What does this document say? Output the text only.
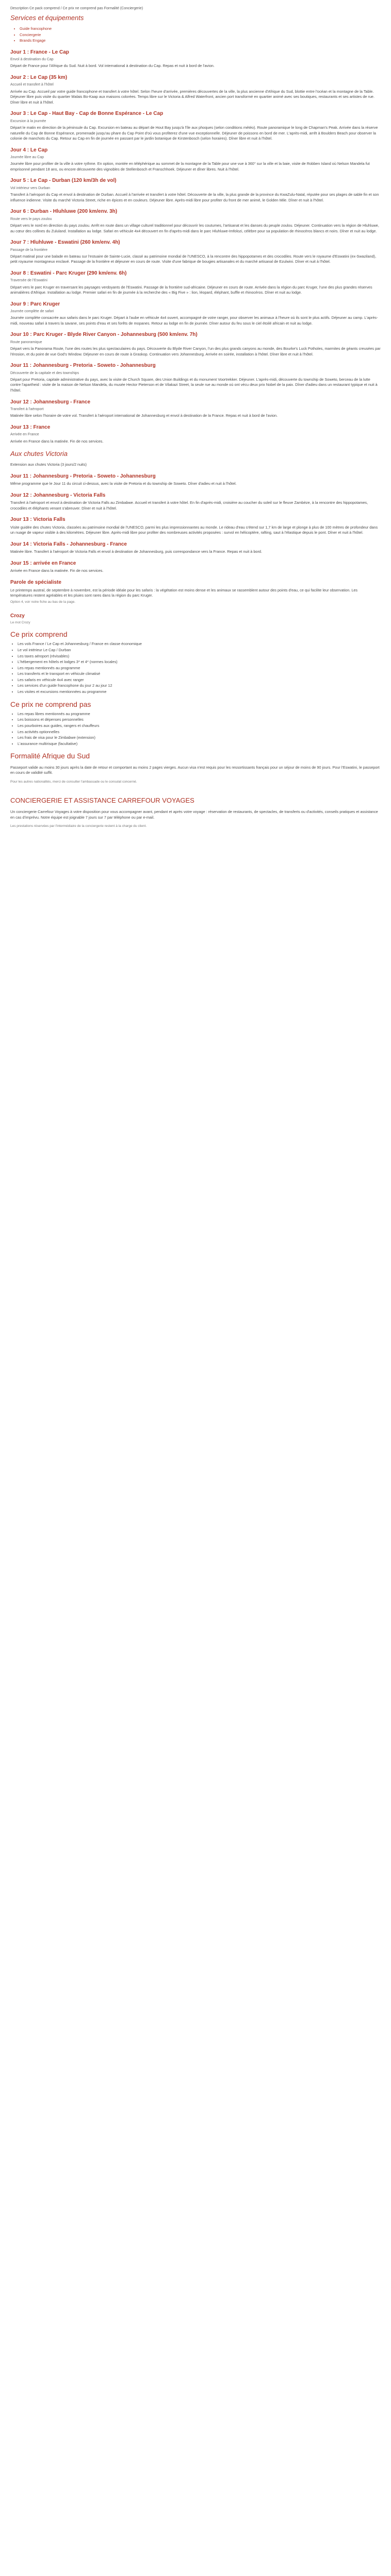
Description Ce pack comprend / Ce prix ne comprend pas Formalité (Conciergerie)
Services et équipements
• Guide francophone
• Conciergerie
• Brands Engage
Jour 1 : France - Le Cap

Envol à destination du Cap

Départ de France pour l'Afrique du Sud. Nuit à bord. Vol international à destination du Cap. Repas et nuit à bord de l'avion.

Jour 2 : Le Cap (35 km)

Accueil et transfert à l'hôtel

Arrivée au Cap. Accueil par votre guide francophone et transfert à votre hôtel. Selon l'heure d'arrivée, premières découvertes de la ville, la plus ancienne d'Afrique du Sud, blottie entre l'océan et la montagne de la Table. Déjeuner libre puis visite du quartier Malais Bo-Kaap aux maisons colorées. Temps libre sur le Victoria & Alfred Waterfront, ancien port transformé en quartier animé avec ses boutiques, restaurants et ses artistes de rue. Dîner libre et nuit à l'hôtel.

Jour 3 : Le Cap - Haut Bay - Cap de Bonne Espérance - Le Cap

Excursion à la journée

Départ le matin en direction de la péninsule du Cap. Excursion en bateau au départ de Hout Bay jusqu'à l'île aux phoques (selon conditions météo). Route panoramique le long de Chapman's Peak. Arrivée dans la réserve naturelle du Cap de Bonne Espérance, promenade jusqu'au phare du Cap Point d'où vous profiterez d'une vue exceptionnelle. Déjeuner de poissons en bord de mer. L'après-midi, arrêt à Boulders Beach pour observer la colonie de manchots du Cap. Retour au Cap en fin de journée en passant par le jardin botanique de Kirstenbosch (selon horaires). Dîner libre et nuit à l'hôtel.

Jour 4 : Le Cap

Journée libre au Cap

Journée libre pour profiter de la ville à votre rythme. En option, montée en téléphérique au sommet de la montagne de la Table pour une vue à 360° sur la ville et la baie, visite de Robben Island où Nelson Mandela fut emprisonné pendant 18 ans, ou encore découverte des vignobles de Stellenbosch et Franschhoek. Déjeuner et dîner libres. Nuit à l'hôtel.

Jour 5 : Le Cap - Durban (120 km/3h de vol)

Vol intérieur vers Durban

Transfert à l'aéroport du Cap et envol à destination de Durban. Accueil à l'arrivée et transfert à votre hôtel. Découverte de la ville, la plus grande de la province du KwaZulu-Natal, réputée pour ses plages de sable fin et son influence indienne. Visite du marché Victoria Street, riche en épices et en couleurs. Déjeuner libre. Après-midi libre pour profiter du front de mer animé, le Golden Mile. Dîner et nuit à l'hôtel.

Jour 6 : Durban - Hluhluwe (200 km/env. 3h)

Route vers le pays zoulou

Départ vers le nord en direction du pays zoulou. Arrêt en route dans un village culturel traditionnel pour découvrir les coutumes, l'artisanat et les danses du peuple zoulou. Déjeuner. Continuation vers la région de Hluhluwe, au cœur des collines du Zululand. Installation au lodge. Safari en véhicule 4x4 découvert en fin d'après-midi dans le parc Hluhluwe-Imfolozi, célèbre pour sa population de rhinocéros blancs et noirs. Dîner et nuit au lodge.

Jour 7 : Hluhluwe - Eswatini (260 km/env. 4h)

Passage de la frontière

Départ matinal pour une balade en bateau sur l'estuaire de Sainte-Lucie, classé au patrimoine mondial de l'UNESCO, à la rencontre des hippopotames et des crocodiles. Route vers le royaume d'Eswatini (ex-Swaziland), petit royaume montagneux enclavé. Passage de la frontière et déjeuner en cours de route. Visite d'une fabrique de bougies artisanales et du marché artisanal de Ezulwini. Dîner et nuit à l'hôtel.

Jour 8 : Eswatini - Parc Kruger (290 km/env. 6h)

Traversée de l'Eswatini

Départ vers le parc Kruger en traversant les paysages verdoyants de l'Eswatini. Passage de la frontière sud-africaine. Déjeuner en cours de route. Arrivée dans la région du parc Kruger, l'une des plus grandes réserves animalières d'Afrique. Installation au lodge. Premier safari en fin de journée à la recherche des « Big Five » : lion, léopard, éléphant, buffle et rhinocéros. Dîner et nuit au lodge.

Jour 9 : Parc Kruger

Journée complète de safari

Journée complète consacrée aux safaris dans le parc Kruger. Départ à l'aube en véhicule 4x4 ouvert, accompagné de votre ranger, pour observer les animaux à l'heure où ils sont le plus actifs. Déjeuner au camp. L'après-midi, nouveau safari à travers la savane, ses points d'eau et ses forêts de mopanes. Retour au lodge en fin de journée. Dîner autour du feu sous le ciel étoilé africain et nuit au lodge.

Jour 10 : Parc Kruger - Blyde River Canyon - Johannesburg (500 km/env. 7h)

Route panoramique

Départ vers la Panorama Route, l'une des routes les plus spectaculaires du pays. Découverte du Blyde River Canyon, l'un des plus grands canyons au monde, des Bourke's Luck Potholes, marmites de géants creusées par l'érosion, et du point de vue God's Window. Déjeuner en cours de route à Graskop. Continuation vers Johannesburg. Arrivée en soirée, installation à l'hôtel. Dîner libre et nuit à l'hôtel.

Jour 11 : Johannesburg - Pretoria - Soweto - Johannesburg

Découverte de la capitale et des townships

Départ pour Pretoria, capitale administrative du pays, avec la visite de Church Square, des Union Buildings et du monument Voortrekker. Déjeuner. L'après-midi, découverte du township de Soweto, berceau de la lutte contre l'apartheid : visite de la maison de Nelson Mandela, du musée Hector Pieterson et de Vilakazi Street, la seule rue au monde où ont vécu deux prix Nobel de la paix. Dîner d'adieu dans un restaurant typique et nuit à l'hôtel.

Jour 12 : Johannesburg - France

Transfert à l'aéroport

Matinée libre selon l'horaire de votre vol. Transfert à l'aéroport international de Johannesburg et envol à destination de la France. Repas et nuit à bord de l'avion.

Jour 13 : France

Arrivée en France

Arrivée en France dans la matinée. Fin de nos services.

Aux chutes Victoria

Extension aux chutes Victoria (3 jours/2 nuits)

Jour 11 : Johannesburg - Pretoria - Soweto - Johannesburg

Même programme que le Jour 11 du circuit ci-dessus, avec la visite de Pretoria et du township de Soweto. Dîner d'adieu et nuit à l'hôtel.

Jour 12 : Johannesburg - Victoria Falls

Transfert à l'aéroport et envol à destination de Victoria Falls au Zimbabwe. Accueil et transfert à votre hôtel. En fin d'après-midi, croisière au coucher du soleil sur le fleuve Zambèze, à la rencontre des hippopotames, crocodiles et éléphants venant s'abreuver. Dîner et nuit à l'hôtel.

Jour 13 : Victoria Falls

Visite guidée des chutes Victoria, classées au patrimoine mondial de l'UNESCO, parmi les plus impressionnantes au monde. Le rideau d'eau s'étend sur 1,7 km de large et plonge à plus de 100 mètres de profondeur dans un nuage de vapeur visible à des kilomètres. Déjeuner libre. Après-midi libre pour profiter des nombreuses activités proposées : survol en hélicoptère, rafting, saut à l'élastique depuis le pont. Dîner et nuit à l'hôtel.

Jour 14 : Victoria Falls - Johannesburg - France

Matinée libre. Transfert à l'aéroport de Victoria Falls et envol à destination de Johannesburg, puis correspondance vers la France. Repas et nuit à bord.

Jour 15 : arrivée en France

Arrivée en France dans la matinée. Fin de nos services.

Parole de spécialiste

Le printemps austral, de septembre à novembre, est la période idéale pour les safaris : la végétation est moins dense et les animaux se rassemblent autour des points d'eau, ce qui facilite leur observation. Les températures restent agréables et les pluies sont rares dans la région du parc Kruger.

Option 4, voir notre fiche au bas de la page.

Crozy
Le mot Crozy
Ce prix comprend
• Les vols France / Le Cap et Johannesburg / France en classe économique
• Le vol intérieur Le Cap / Durban
• Les taxes aéroport (révisables)
• L'hébergement en hôtels et lodges 3* et 4* (normes locales)
• Les repas mentionnés au programme
• Les transferts et le transport en véhicule climatisé
• Les safaris en véhicule 4x4 avec ranger
• Les services d'un guide francophone du jour 2 au jour 12
• Les visites et excursions mentionnées au programme
Ce prix ne comprend pas
• Les repas libres mentionnés au programme
• Les boissons et dépenses personnelles
• Les pourboires aux guides, rangers et chauffeurs
• Les activités optionnelles
• Les frais de visa pour le Zimbabwe (extension)
• L'assurance multirisque (facultative)
Formalité Afrique du Sud

Passeport valide au moins 30 jours après la date de retour et comportant au moins 2 pages vierges. Aucun visa n'est requis pour les ressortissants français pour un séjour de moins de 90 jours. Pour l'Eswatini, le passeport en cours de validité suffit.

Pour les autres nationalités, merci de consulter l'ambassade ou le consulat concerné.

CONCIERGERIE ET ASSISTANCE CARREFOUR VOYAGES

Un conciergerie Carrefour Voyages à votre disposition pour vous accompagner avant, pendant et après votre voyage : réservation de restaurants, de spectacles, de transferts ou d'activités, conseils pratiques et assistance en cas d'imprévu. Notre équipe est joignable 7 jours sur 7 par téléphone ou par e-mail.

Les prestations réservées par l'intermédiaire de la conciergerie restent à la charge du client.
